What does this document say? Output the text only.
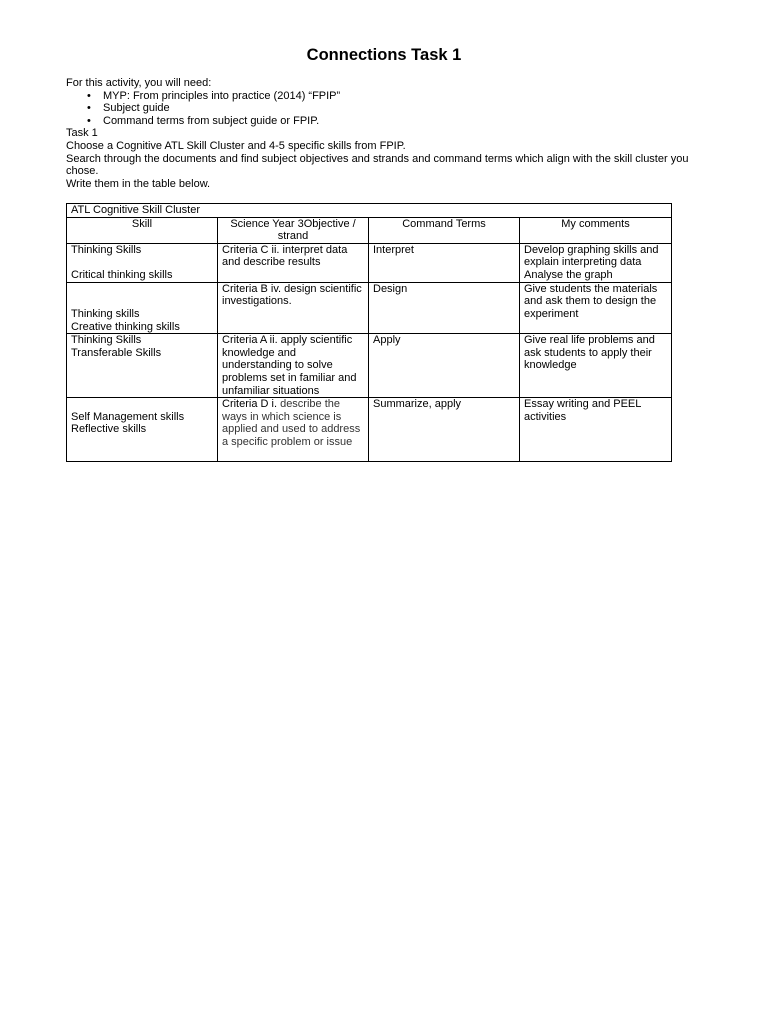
Connections Task 1

For this activity, you will need:

• MYP: From principles into practice (2014) “FPIP”
• Subject guide
• Command terms from subject guide or FPIP.

Task 1

Choose a Cognitive ATL Skill Cluster and 4-5 specific skills from FPIP.

Search through the documents and find subject objectives and strands and command terms which align with the skill cluster you chose.

Write them in the table below.

ATL Cognitive Skill Cluster			
Skill	Science Year 3Objective / strand	Command Terms	My comments
Thinking Skills
Critical thinking skills	Criteria C ii. interpret data and describe results	Interpret	Develop graphing skills and explain interpreting data Analyse the graph

Thinking skills
Creative thinking skills	Criteria B iv. design scientific investigations.	Design	Give students the materials and ask them to design the experiment

Thinking Skills
Transferable Skills	Criteria A ii. apply scientific knowledge and understanding to solve problems set in familiar and unfamiliar situations	Apply	Give real life problems and ask students to apply their knowledge

Self Management skills
Reflective skills	Criteria D i. describe the ways in which science is applied and used to address a specific problem or issue	Summarize, apply	Essay writing and PEEL activities
